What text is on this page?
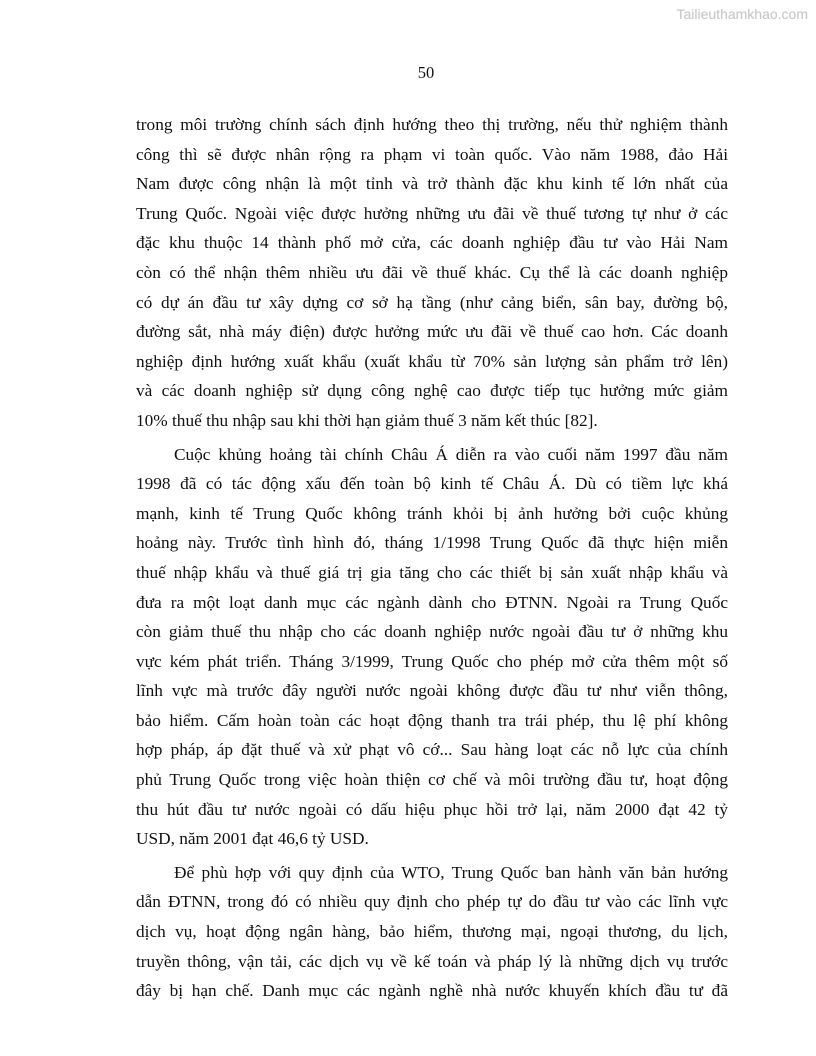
Tailieuthamkhao.com
50
trong môi trường chính sách định hướng theo thị trường, nếu thử nghiệm thành
công thì sẽ được nhân rộng ra phạm vi toàn quốc. Vào năm 1988, đảo Hải
Nam được công nhận là một tỉnh và trở thành đặc khu kinh tế lớn nhất của
Trung Quốc. Ngoài việc được hưởng những ưu đãi về thuế tương tự như ở các
đặc khu thuộc 14 thành phố mở cửa, các doanh nghiệp đầu tư vào Hải Nam
còn có thể nhận thêm nhiều ưu đãi về thuế khác. Cụ thể là các doanh nghiệp
có dự án đầu tư xây dựng cơ sở hạ tầng (như cảng biển, sân bay, đường bộ,
đường sắt, nhà máy điện) được hưởng mức ưu đãi về thuế cao hơn. Các doanh
nghiệp định hướng xuất khẩu (xuất khẩu từ 70% sản lượng sản phẩm trở lên)
và các doanh nghiệp sử dụng công nghệ cao được tiếp tục hưởng mức giảm
10% thuế thu nhập sau khi thời hạn giảm thuế 3 năm kết thúc [82].
Cuộc khủng hoảng tài chính Châu Á diễn ra vào cuối năm 1997 đầu năm
1998 đã có tác động xấu đến toàn bộ kinh tế Châu Á. Dù có tiềm lực khá
mạnh, kinh tế Trung Quốc không tránh khỏi bị ảnh hưởng bởi cuộc khủng
hoảng này. Trước tình hình đó, tháng 1/1998 Trung Quốc đã thực hiện miễn
thuế nhập khẩu và thuế giá trị gia tăng cho các thiết bị sản xuất nhập khẩu và
đưa ra một loạt danh mục các ngành dành cho ĐTNN. Ngoài ra Trung Quốc
còn giảm thuế thu nhập cho các doanh nghiệp nước ngoài đầu tư ở những khu
vực kém phát triển. Tháng 3/1999, Trung Quốc cho phép mở cửa thêm một số
lĩnh vực mà trước đây người nước ngoài không được đầu tư như viễn thông,
bảo hiểm. Cấm hoàn toàn các hoạt động thanh tra trái phép, thu lệ phí không
hợp pháp, áp đặt thuế và xử phạt vô cớ... Sau hàng loạt các nỗ lực của chính
phủ Trung Quốc trong việc hoàn thiện cơ chế và môi trường đầu tư, hoạt động
thu hút đầu tư nước ngoài có dấu hiệu phục hồi trở lại, năm 2000 đạt 42 tỷ
USD, năm 2001 đạt 46,6 tỷ USD.
Để phù hợp với quy định của WTO, Trung Quốc ban hành văn bản hướng
dẫn ĐTNN, trong đó có nhiều quy định cho phép tự do đầu tư vào các lĩnh vực
dịch vụ, hoạt động ngân hàng, bảo hiểm, thương mại, ngoại thương, du lịch,
truyền thông, vận tải, các dịch vụ về kế toán và pháp lý là những dịch vụ trước
đây bị hạn chế. Danh mục các ngành nghề nhà nước khuyến khích đầu tư đã
